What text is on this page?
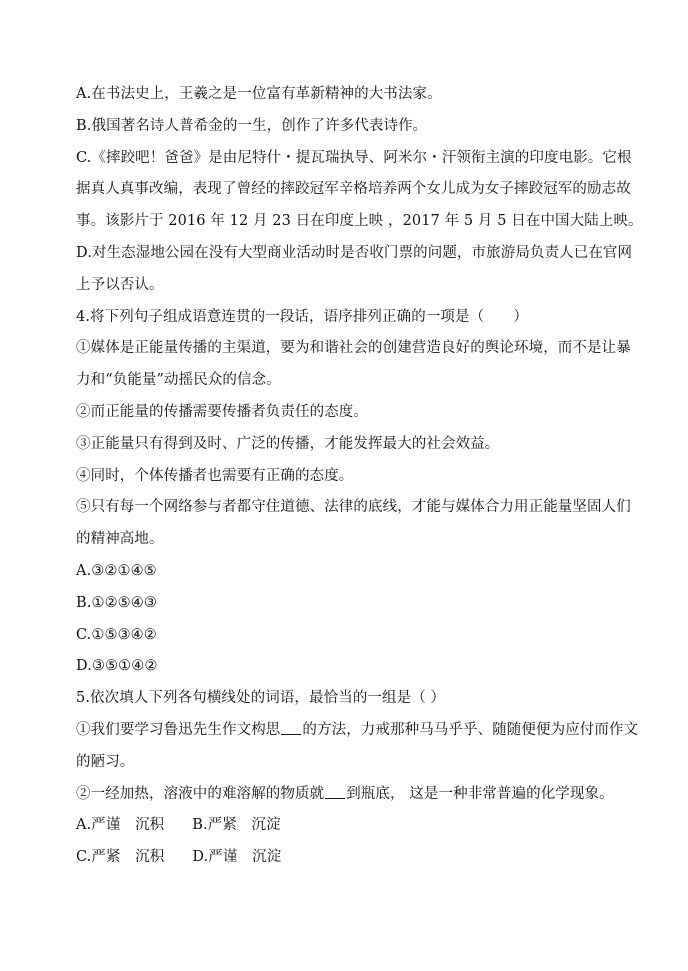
A.在书法史上，王羲之是一位富有革新精神的大书法家。
B.俄国著名诗人普希金的一生，创作了许多代表诗作。
C.《摔跤吧！爸爸》是由尼特什・提瓦瑞执导、阿米尔・汗领衔主演的印度电影。它根
据真人真事改编，表现了曾经的摔跤冠军辛格培养两个女儿成为女子摔跤冠军的励志故
事。该影片于 2016 年 12 月 23 日在印度上映 ，2017 年 5 月 5 日在中国大陆上映。
D.对生态湿地公园在没有大型商业活动时是否收门票的问题，市旅游局负责人已在官网
上予以否认。
4.将下列句子组成语意连贯的一段话，语序排列正确的一项是（　　）
①媒体是正能量传播的主渠道，要为和谐社会的创建营造良好的舆论环境，而不是让暴
力和“负能量”动摇民众的信念。
②而正能量的传播需要传播者负责任的态度。
③正能量只有得到及时、广泛的传播，才能发挥最大的社会效益。
④同时，个体传播者也需要有正确的态度。
⑤只有每一个网络参与者都守住道德、法律的底线，才能与媒体合力用正能量坚固人们
的精神高地。
A.③②①④⑤
B.①②⑤④③
C.①⑤③④②
D.③⑤①④②
5.依次填人下列各句横线处的词语，最恰当的一组是（ ）
①我们要学习鲁迅先生作文构思 的方法，力戒那种马马乎乎、随随便便为应付而作文
的陋习。
②一经加热，溶液中的难溶解的物质就 到瓶底， 这是一种非常普遍的化学现象。
A.严谨　沉积 B.严紧　沉淀
C.严紧　沉积 D.严谨　沉淀
